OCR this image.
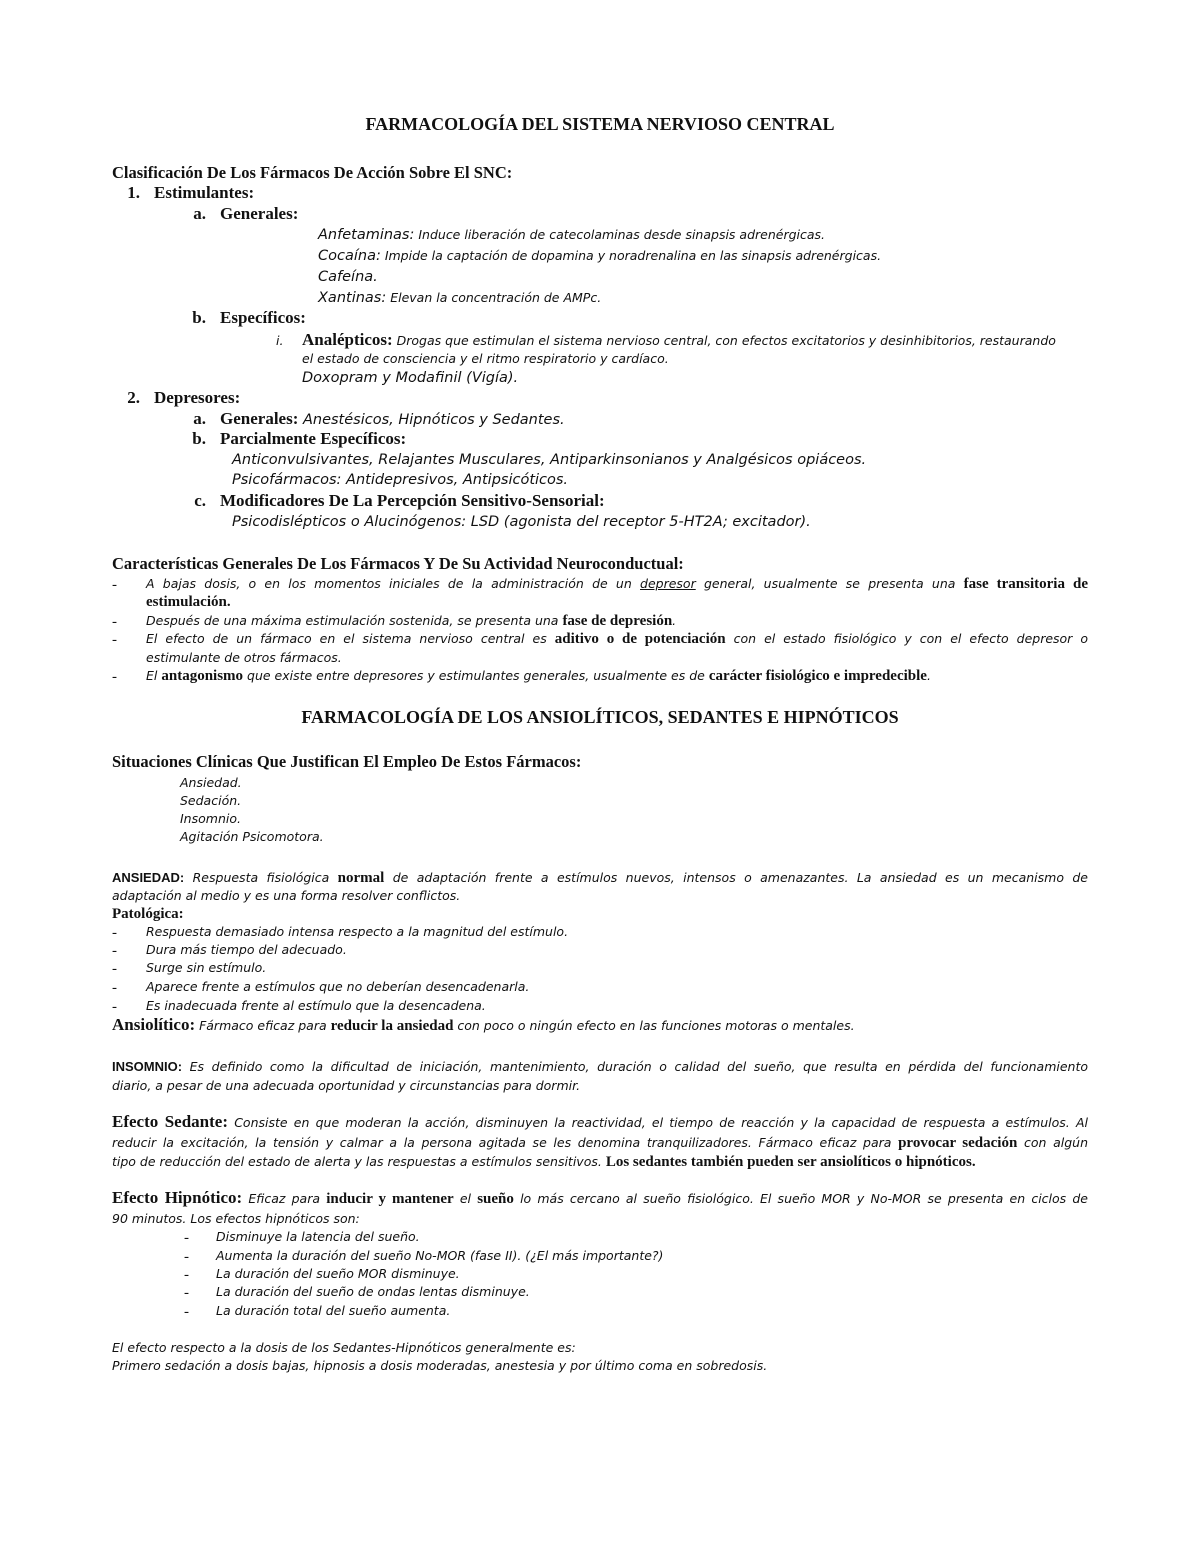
FARMACOLOGÍA DEL SISTEMA NERVIOSO CENTRAL
Clasificación De Los Fármacos De Acción Sobre El SNC:
1. Estimulantes:
a. Generales:
Anfetaminas: Induce liberación de catecolaminas desde sinapsis adrenérgicas.
Cocaína: Impide la captación de dopamina y noradrenalina en las sinapsis adrenérgicas.
Cafeína.
Xantinas: Elevan la concentración de AMPc.
b. Específicos:
i. Analépticos: Drogas que estimulan el sistema nervioso central, con efectos excitatorios y desinhibitorios, restaurando
el estado de consciencia y el ritmo respiratorio y cardíaco.
Doxopram y Modafinil (Vigía).
2. Depresores:
a. Generales: Anestésicos, Hipnóticos y Sedantes.
b. Parcialmente Específicos:
Anticonvulsivantes, Relajantes Musculares, Antiparkinsonianos y Analgésicos opiáceos.
Psicofármacos: Antidepresivos, Antipsicóticos.
c. Modificadores De La Percepción Sensitivo-Sensorial:
Psicodislépticos o Alucinógenos: LSD (agonista del receptor 5-HT2A; excitador).
Características Generales De Los Fármacos Y De Su Actividad Neuroconductual:
- A bajas dosis, o en los momentos iniciales de la administración de un depresor general, usualmente se presenta una fase transitoria de
estimulación.
- Después de una máxima estimulación sostenida, se presenta una fase de depresión.
- El efecto de un fármaco en el sistema nervioso central es aditivo o de potenciación con el estado fisiológico y con el efecto depresor o
estimulante de otros fármacos.
- El antagonismo que existe entre depresores y estimulantes generales, usualmente es de carácter fisiológico e impredecible.
FARMACOLOGÍA DE LOS ANSIOLÍTICOS, SEDANTES E HIPNÓTICOS
Situaciones Clínicas Que Justifican El Empleo De Estos Fármacos:
Ansiedad.
Sedación.
Insomnio.
Agitación Psicomotora.
ANSIEDAD: Respuesta fisiológica normal de adaptación frente a estímulos nuevos, intensos o amenazantes. La ansiedad es un mecanismo de
adaptación al medio y es una forma resolver conflictos.
Patológica:
- Respuesta demasiado intensa respecto a la magnitud del estímulo.
- Dura más tiempo del adecuado.
- Surge sin estímulo.
- Aparece frente a estímulos que no deberían desencadenarla.
- Es inadecuada frente al estímulo que la desencadena.
Ansiolítico: Fármaco eficaz para reducir la ansiedad con poco o ningún efecto en las funciones motoras o mentales.
INSOMNIO: Es definido como la dificultad de iniciación, mantenimiento, duración o calidad del sueño, que resulta en pérdida del funcionamiento
diario, a pesar de una adecuada oportunidad y circunstancias para dormir.
Efecto Sedante: Consiste en que moderan la acción, disminuyen la reactividad, el tiempo de reacción y la capacidad de respuesta a estímulos. Al
reducir la excitación, la tensión y calmar a la persona agitada se les denomina tranquilizadores. Fármaco eficaz para provocar sedación con algún
tipo de reducción del estado de alerta y las respuestas a estímulos sensitivos. Los sedantes también pueden ser ansiolíticos o hipnóticos.
Efecto Hipnótico: Eficaz para inducir y mantener el sueño lo más cercano al sueño fisiológico. El sueño MOR y No-MOR se presenta en ciclos de
90 minutos. Los efectos hipnóticos son:
- Disminuye la latencia del sueño.
- Aumenta la duración del sueño No-MOR (fase II). (¿El más importante?)
- La duración del sueño MOR disminuye.
- La duración del sueño de ondas lentas disminuye.
- La duración total del sueño aumenta.
El efecto respecto a la dosis de los Sedantes-Hipnóticos generalmente es:
Primero sedación a dosis bajas, hipnosis a dosis moderadas, anestesia y por último coma en sobredosis.
